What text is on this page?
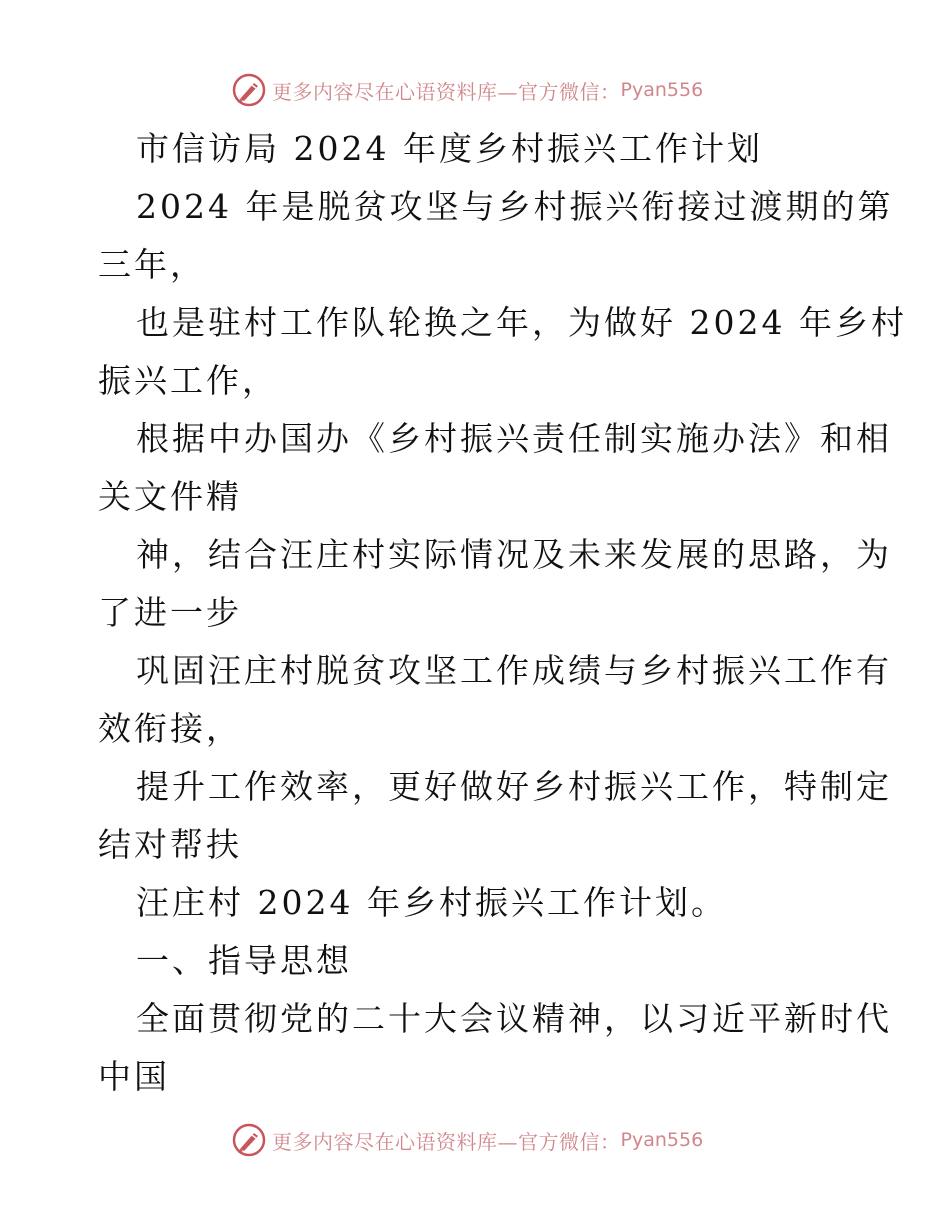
更多内容尽在心语资料库—官方微信： Pyan556
市信访局 2024 年度乡村振兴工作计划
2024 年是脱贫攻坚与乡村振兴衔接过渡期的第
三年，
也是驻村工作队轮换之年，为做好 2024 年乡村
振兴工作，
根据中办国办《乡村振兴责任制实施办法》和相
关文件精
神，结合汪庄村实际情况及未来发展的思路，为
了进一步
巩固汪庄村脱贫攻坚工作成绩与乡村振兴工作有
效衔接，
提升工作效率，更好做好乡村振兴工作，特制定
结对帮扶
汪庄村 2024 年乡村振兴工作计划。
一、指导思想
全面贯彻党的二十大会议精神，以习近平新时代
中国
更多内容尽在心语资料库—官方微信： Pyan556
